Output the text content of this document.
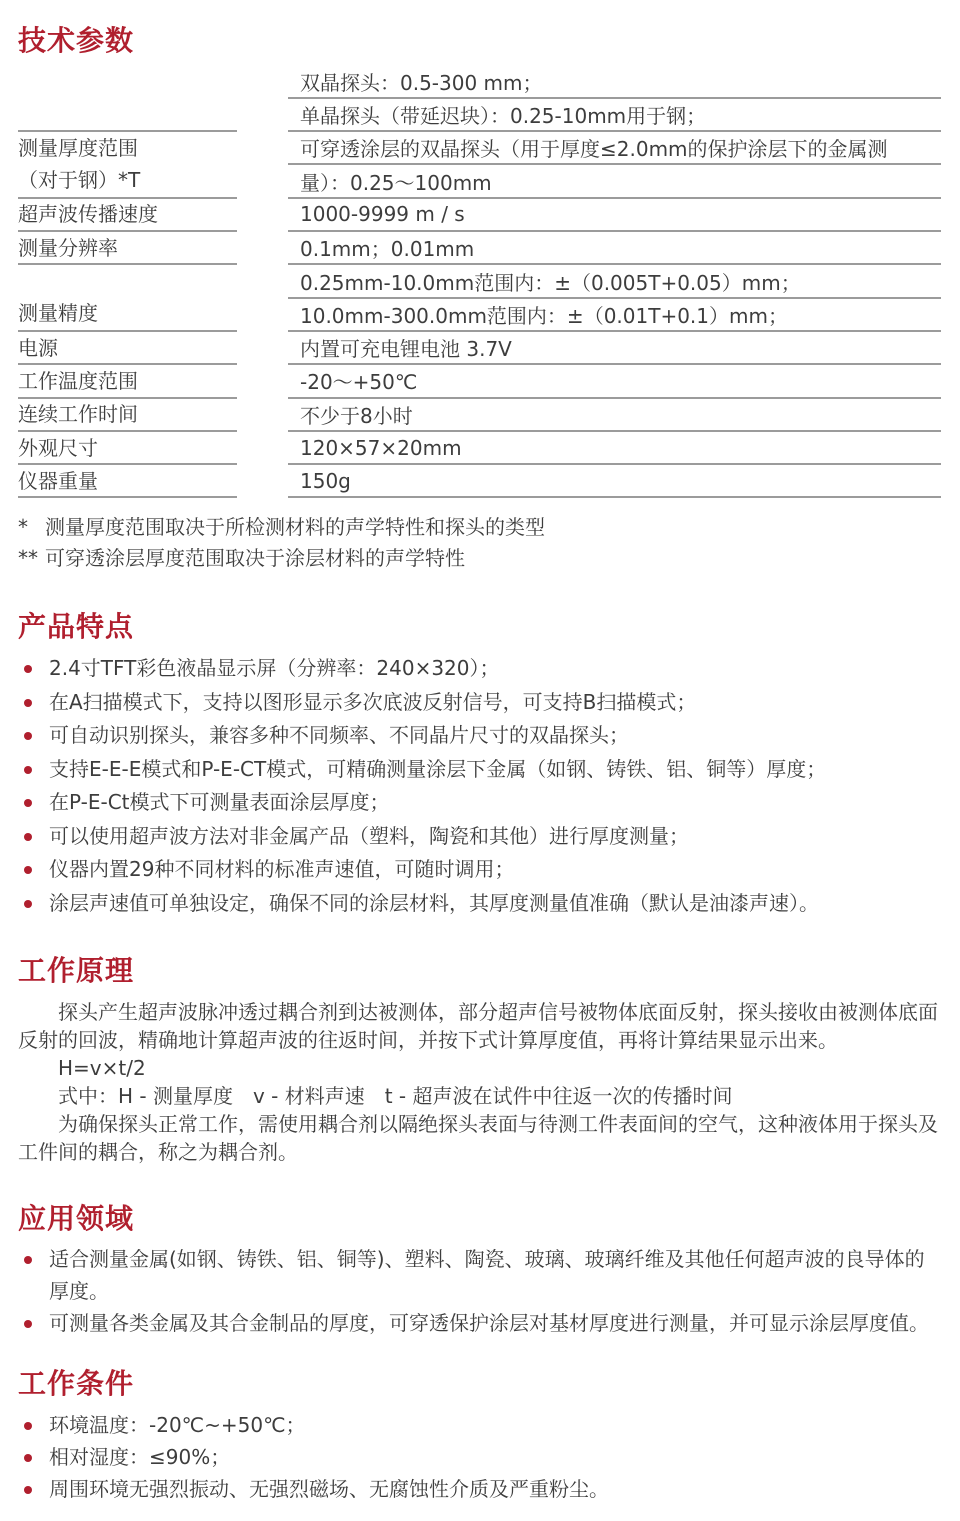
技术参数
测量厚度范围
（对于钢）*T
超声波传播速度
测量分辨率
测量精度
电源
工作温度范围
连续工作时间
外观尺寸
仪器重量
双晶探头：0.5-300 mm；
单晶探头（带延迟块）：0.25-10mm用于钢；
可穿透涂层的双晶探头（用于厚度≤2.0mm的保护涂层下的金属测
量）：0.25～100mm
1000-9999 m / s
0.1mm；0.01mm
0.25mm-10.0mm范围内：±（0.005T+0.05）mm；
10.0mm-300.0mm范围内：±（0.01T+0.1）mm；
内置可充电锂电池 3.7V
-20～+50℃
不少于8小时
120×57×20mm
150g
* 测量厚度范围取决于所检测材料的声学特性和探头的类型
** 可穿透涂层厚度范围取决于涂层材料的声学特性
产品特点
2.4寸TFT彩色液晶显示屏（分辨率：240×320）；
在A扫描模式下，支持以图形显示多次底波反射信号，可支持B扫描模式；
可自动识别探头，兼容多种不同频率、不同晶片尺寸的双晶探头；
支持E-E-E模式和P-E-CT模式，可精确测量涂层下金属（如钢、铸铁、铝、铜等）厚度；
在P-E-Ct模式下可测量表面涂层厚度；
可以使用超声波方法对非金属产品（塑料，陶瓷和其他）进行厚度测量；
仪器内置29种不同材料的标准声速值，可随时调用；
涂层声速值可单独设定，确保不同的涂层材料，其厚度测量值准确（默认是油漆声速）。
工作原理

探头产生超声波脉冲透过耦合剂到达被测体，部分超声信号被物体底面反射，探头接收由被测体底面反射的回波，精确地计算超声波的往返时间，并按下式计算厚度值，再将计算结果显示出来。

H=v×t/2

式中：H - 测量厚度　v - 材料声速　t - 超声波在试件中往返一次的传播时间

为确保探头正常工作，需使用耦合剂以隔绝探头表面与待测工件表面间的空气，这种液体用于探头及工件间的耦合，称之为耦合剂。

应用领域
适合测量金属(如钢、铸铁、铝、铜等)、塑料、陶瓷、玻璃、玻璃纤维及其他任何超声波的良导体的厚度。
可测量各类金属及其合金制品的厚度，可穿透保护涂层对基材厚度进行测量，并可显示涂层厚度值。
工作条件
环境温度：-20℃~+50℃；
相对湿度：≤90%；
周围环境无强烈振动、无强烈磁场、无腐蚀性介质及严重粉尘。
